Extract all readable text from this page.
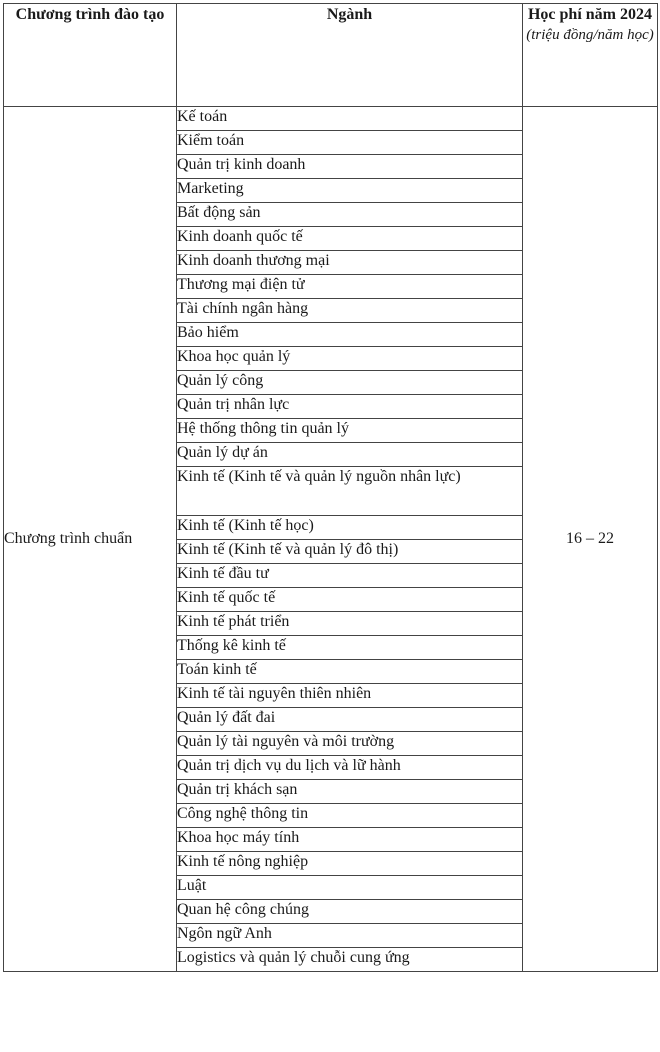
Chương trình đào tạo	Ngành	Học phí năm 2024
(triệu đồng/năm học)

Chương trình chuẩn	Kế toán	16 – 22
	Kiểm toán	
	Quản trị kinh doanh	
	Marketing	
	Bất động sản	
	Kinh doanh quốc tế	
	Kinh doanh thương mại	
	Thương mại điện tử	
	Tài chính ngân hàng	
	Bảo hiểm	
	Khoa học quản lý	
	Quản lý công	
	Quản trị nhân lực	
	Hệ thống thông tin quản lý	
	Quản lý dự án	
	Kinh tế (Kinh tế và quản lý nguồn nhân lực)	
	Kinh tế (Kinh tế học)	
	Kinh tế (Kinh tế và quản lý đô thị)	
	Kinh tế đầu tư	
	Kinh tế quốc tế	
	Kinh tế phát triển	
	Thống kê kinh tế	
	Toán kinh tế	
	Kinh tế tài nguyên thiên nhiên	
	Quản lý đất đai	
	Quản lý tài nguyên và môi trường	
	Quản trị dịch vụ du lịch và lữ hành	
	Quản trị khách sạn	
	Công nghệ thông tin	
	Khoa học máy tính	
	Kinh tế nông nghiệp	
	Luật	
	Quan hệ công chúng	
	Ngôn ngữ Anh	
	Logistics và quản lý chuỗi cung ứng	
